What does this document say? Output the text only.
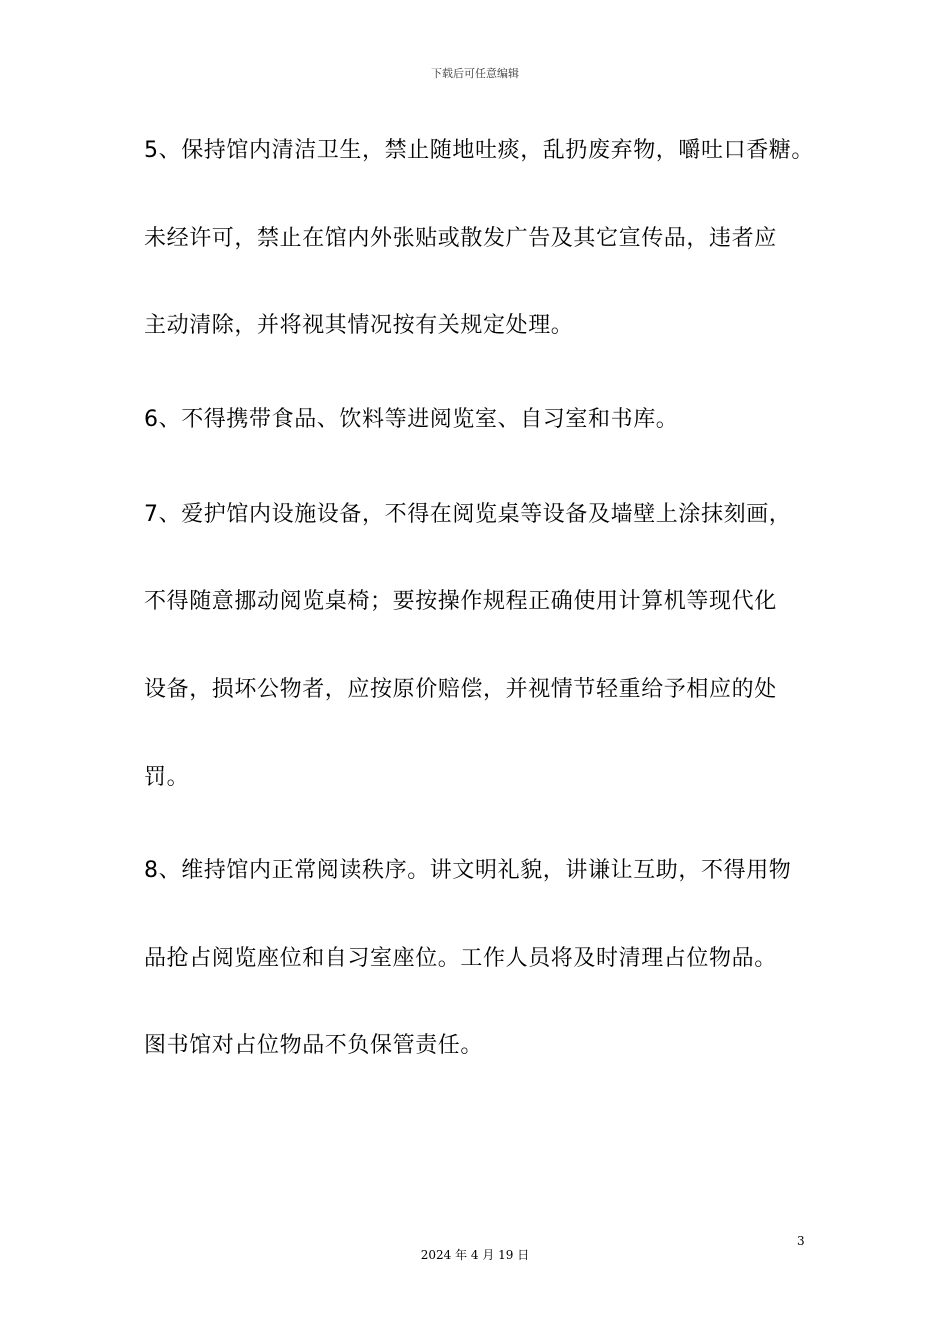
下载后可任意编辑
5、保持馆内清洁卫生，禁止随地吐痰，乱扔废弃物，嚼吐口香糖。
未经许可，禁止在馆内外张贴或散发广告及其它宣传品，违者应
主动清除，并将视其情况按有关规定处理。
6、不得携带食品、饮料等进阅览室、自习室和书库。
7、爱护馆内设施设备，不得在阅览桌等设备及墙壁上涂抹刻画，
不得随意挪动阅览桌椅；要按操作规程正确使用计算机等现代化
设备，损坏公物者，应按原价赔偿，并视情节轻重给予相应的处
罚。
8、维持馆内正常阅读秩序。讲文明礼貌，讲谦让互助，不得用物
品抢占阅览座位和自习室座位。工作人员将及时清理占位物品。
图书馆对占位物品不负保管责任。
3
2024 年 4 月 19 日
